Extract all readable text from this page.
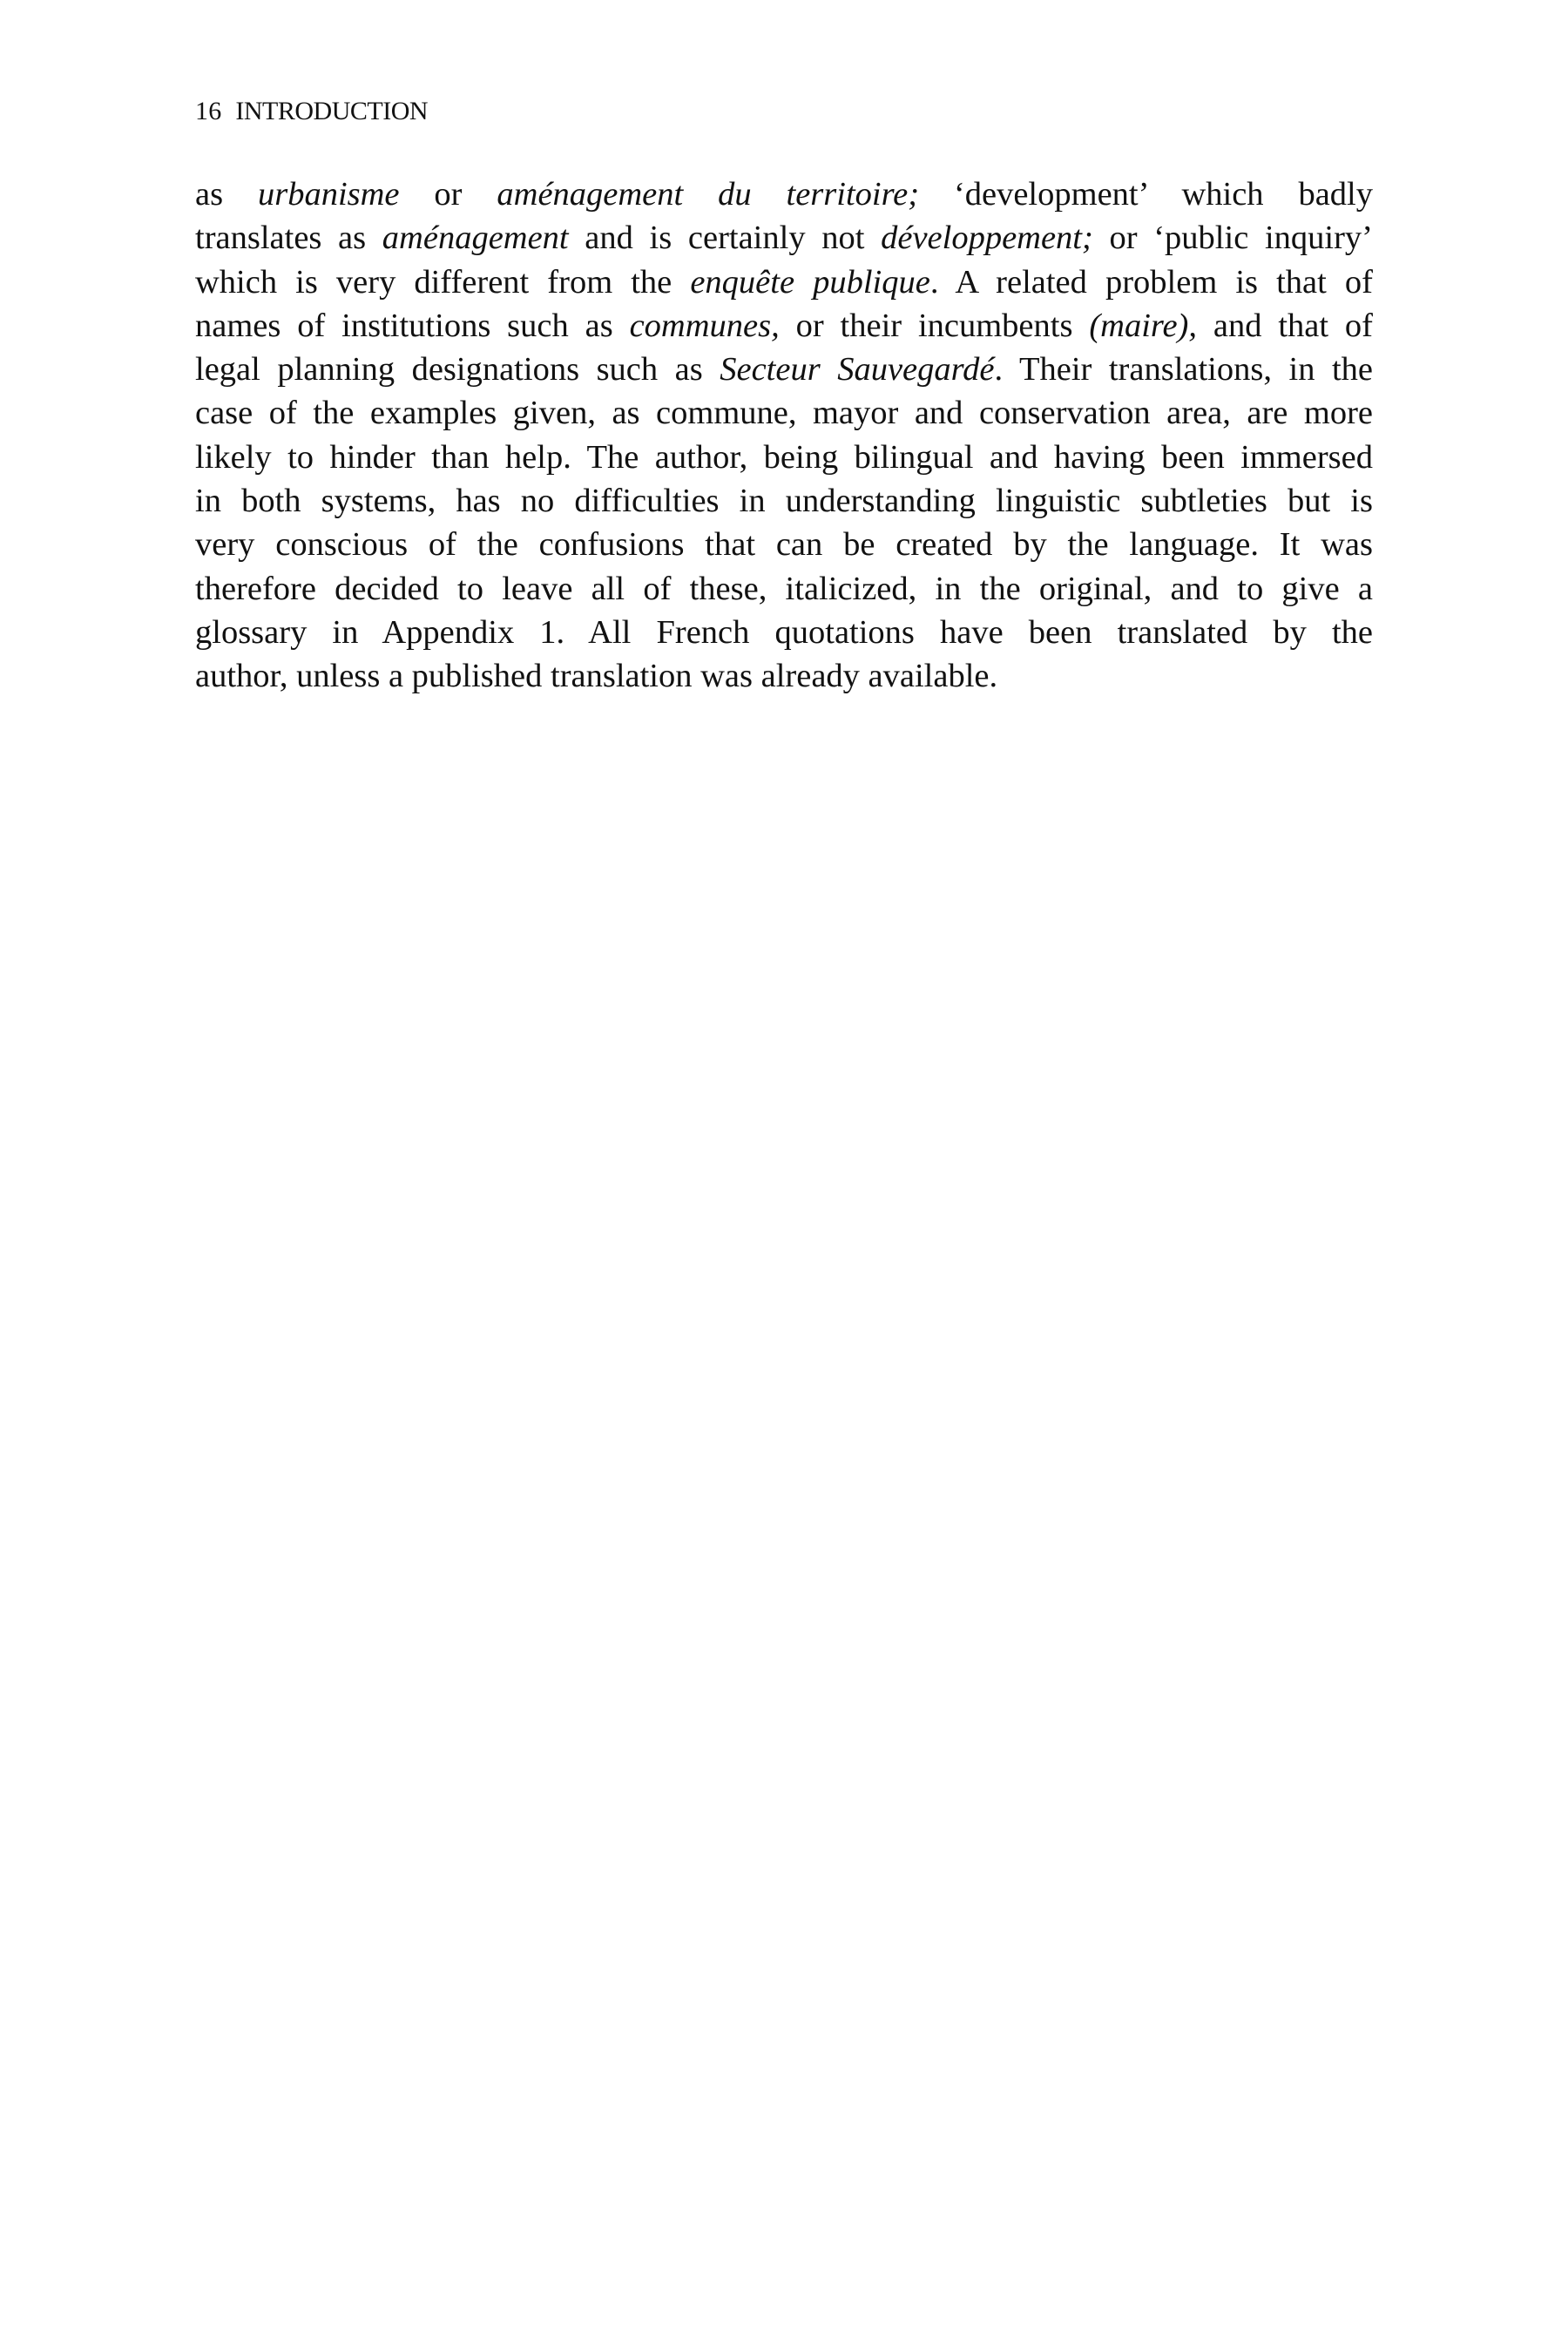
16 INTRODUCTION
as urbanisme or aménagement du territoire; ‘development’ which badly
translates as aménagement and is certainly not développement; or ‘public inquiry’
which is very different from the enquête publique. A related problem is that of
names of institutions such as communes, or their incumbents (maire), and that of
legal planning designations such as Secteur Sauvegardé. Their translations, in the
case of the examples given, as commune, mayor and conservation area, are more
likely to hinder than help. The author, being bilingual and having been immersed
in both systems, has no difficulties in understanding linguistic subtleties but is
very conscious of the confusions that can be created by the language. It was
therefore decided to leave all of these, italicized, in the original, and to give a
glossary in Appendix 1. All French quotations have been translated by the
author, unless a published translation was already available.
